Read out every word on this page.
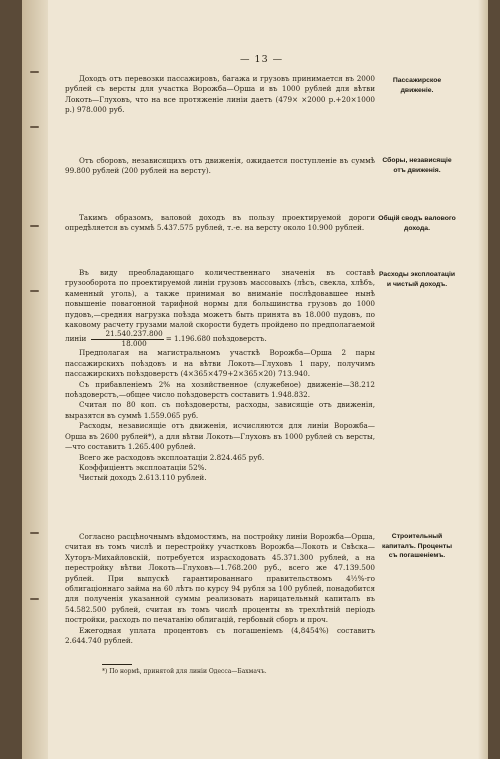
— 13 —

Доходъ отъ перевозки пассажировъ, багажа и грузовъ принимается въ 2000 рублей съ версты для участка Ворожба—Орша и въ 1000 рублей для вѣтви Локоть—Глуховъ, что на все протяженіе линіи даетъ (479× ×2000 р.+20×1000 р.) 978.000 руб.

Пассажирское движеніе.

Отъ сборовъ, независящихъ отъ движенія, ожидается поступленіе въ суммѣ 99.800 рублей (200 рублей на версту).

Сборы, независящіе отъ движенія.

Такимъ образомъ, валовой доходъ въ пользу проектируемой дороги опредѣляется въ суммѣ 5.437.575 рублей, т.-е. на версту около 10.900 рублей.

Общій сводъ валового дохода.

Въ виду преобладающаго количественнаго значенія въ составѣ грузооборота по проектируемой линіи грузовъ массовыхъ (лѣсъ, свекла, хлѣбъ, каменный уголь), а также принимая во вниманіе послѣдовавшее нынѣ повышеніе повагонной тарифной нормы для большинства грузовъ до 1000 пудовъ,—средняя нагрузка поѣзда можетъ быть принята въ 18.000 пудовъ, по каковому расчету грузами малой скорости будетъ пройдено по предполагаемой линіи $\frac{21.540.237.800}{18.000} = 1.196.680$ поѣздоверстъ.

Предполагая на магистральномъ участкѣ Ворожба—Орша 2 пары пассажирскихъ поѣздовъ и на вѣтви Локоть—Глуховъ 1 пару, получимъ пассажирскихъ поѣздоверстъ (4×365×479+2×365×20) 713.940.

Съ прибавленіемъ 2% на хозяйственное (служебное) движеніе—38.212 поѣздоверстъ,—общее число поѣздоверстъ составитъ 1.948.832.

Считая по 80 коп. съ поѣздоверсты, расходы, зависящіе отъ движенія, выразятся въ суммѣ 1.559.065 руб.

Расходы, независящіе отъ движенія, исчисляются для линіи Ворожба—Орша въ 2600 рублей*), а для вѣтви Локоть—Глуховъ въ 1000 рублей съ версты,—что составитъ 1.265.400 рублей.

Всего же расходовъ эксплоатаціи 2.824.465 руб.

Коэффиціентъ эксплоатаціи 52%.

Чистый доходъ 2.613.110 рублей.

Расходы эксплоатаціи и чистый доходъ.

Согласно расцѣночнымъ вѣдомостямъ, на постройку линіи Ворожба—Орша, считая въ томъ числѣ и перестройку участковъ Ворожба—Локоть и Свѣска—Хуторъ-Михайловскій, потребуется израсходовать 45.371.300 рублей, а на перестройку вѣтви Локоть—Глуховъ—1.768.200 руб., всего же 47.139.500 рублей. При выпускѣ гарантированнаго правительствомъ 4½%-го облигаціоннаго займа на 60 лѣтъ по курсу 94 рубля за 100 рублей, понадобится для полученія указанной суммы реализовать нарицательный капиталъ въ 54.582.500 рублей, считая въ томъ числѣ проценты въ трехлѣтній періодъ постройки, расходъ по печатанію облигацій, гербовый сборъ и проч.

Ежегодная уплата процентовъ съ погашеніемъ (4,8454%) составитъ 2.644.740 рублей.

Строительный капиталъ. Проценты съ погашеніемъ.
*) По нормѣ, принятой для линіи Одесса—Бахмачъ.
